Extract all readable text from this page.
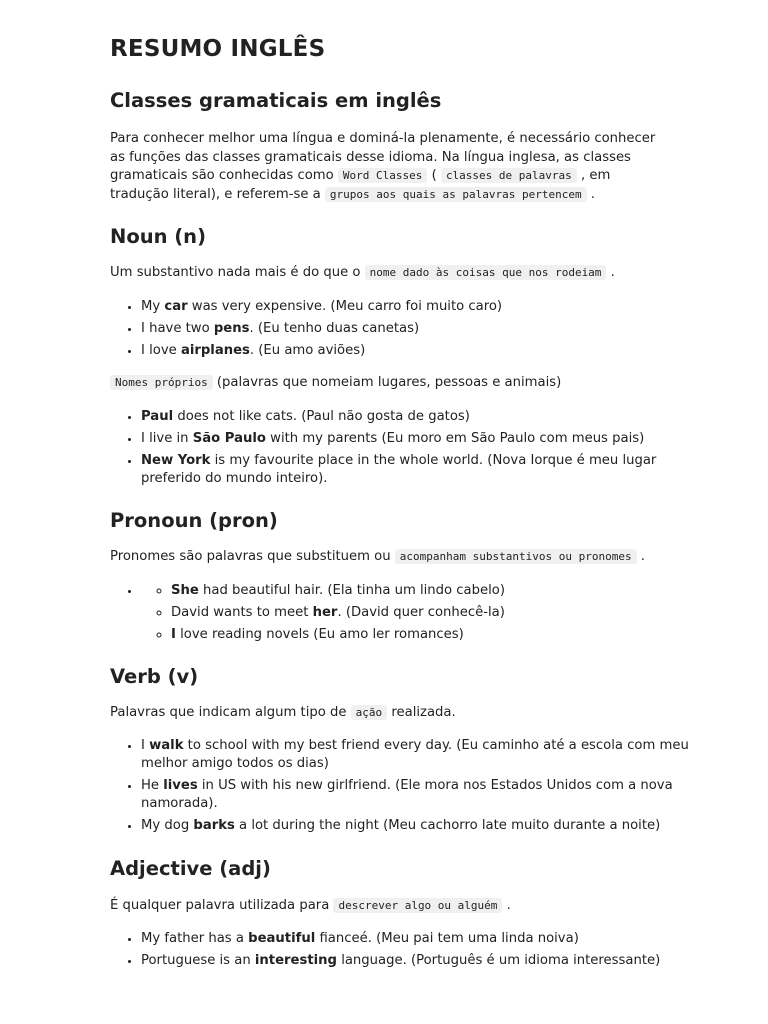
RESUMO INGLÊS
Classes gramaticais em inglês

Para conhecer melhor uma língua e dominá-la plenamente, é necessário conhecer as funções das classes gramaticais desse idioma. Na língua inglesa, as classes gramaticais são conhecidas como Word Classes ( classes de palavras , em tradução literal), e referem-se a grupos aos quais as palavras pertencem .

Noun (n)

Um substantivo nada mais é do que o nome dado às coisas que nos rodeiam .

• My car was very expensive. (Meu carro foi muito caro)
• I have two pens. (Eu tenho duas canetas)
• I love airplanes. (Eu amo aviões)

Nomes próprios (palavras que nomeiam lugares, pessoas e animais)

• Paul does not like cats. (Paul não gosta de gatos)
• I live in São Paulo with my parents (Eu moro em São Paulo com meus pais)
• New York is my favourite place in the whole world. (Nova Iorque é meu lugar preferido do mundo inteiro).
Pronoun (pron)

Pronomes são palavras que substituem ou acompanham substantivos ou pronomes .

◦ • She had beautiful hair. (Ela tinha um lindo cabelo)
◦ David wants to meet her. (David quer conhecê-la)
◦ I love reading novels (Eu amo ler romances)
Verb (v)

Palavras que indicam algum tipo de ação realizada.

• I walk to school with my best friend every day. (Eu caminho até a escola com meu melhor amigo todos os dias)
• He lives in US with his new girlfriend. (Ele mora nos Estados Unidos com a nova namorada).
• My dog barks a lot during the night (Meu cachorro late muito durante a noite)
Adjective (adj)

É qualquer palavra utilizada para descrever algo ou alguém .

• My father has a beautiful fianceé. (Meu pai tem uma linda noiva)
• Portuguese is an interesting language. (Português é um idioma interessante)
